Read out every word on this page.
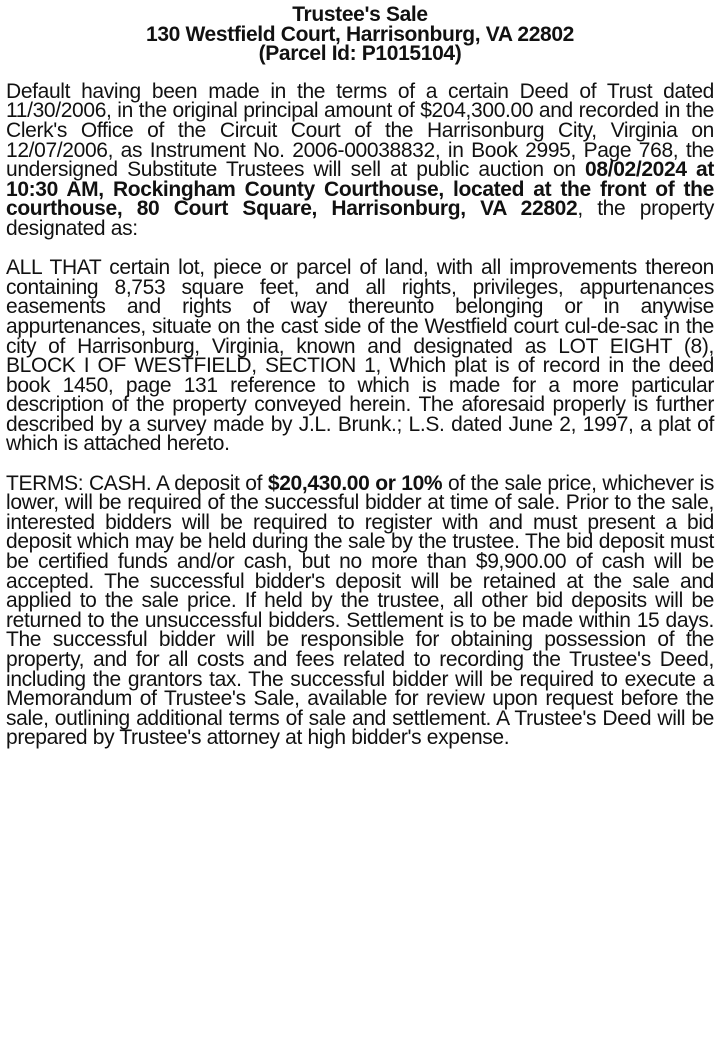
Trustee's Sale
130 Westfield Court, Harrisonburg, VA 22802
(Parcel Id: P1015104)

Default having been made in the terms of a certain Deed of Trust dated 11/30/2006, in the original principal amount of $204,300.00 and recorded in the Clerk's Office of the Circuit Court of the Harrisonburg City, Virginia on 12/07/2006, as Instrument No. 2006-00038832, in Book 2995, Page 768, the undersigned Substitute Trustees will sell at public auction on 08/02/2024 at 10:30 AM, Rockingham County Courthouse, located at the front of the courthouse, 80 Court Square, Harrisonburg, VA 22802, the property designated as:

ALL THAT certain lot, piece or parcel of land, with all improvements thereon containing 8,753 square feet, and all rights, privileges, appurtenances easements and rights of way thereunto belonging or in anywise appurtenances, situate on the cast side of the Westfield court cul-de-sac in the city of Harrisonburg, Virginia, known and designated as LOT EIGHT (8), BLOCK I OF WESTFIELD, SECTION 1, Which plat is of record in the deed book 1450, page 131 reference to which is made for a more particular description of the property conveyed herein. The aforesaid properly is further described by a survey made by J.L. Brunk.; L.S. dated June 2, 1997, a plat of which is attached hereto.

TERMS: CASH. A deposit of $20,430.00 or 10% of the sale price, whichever is lower, will be required of the successful bidder at time of sale. Prior to the sale, interested bidders will be required to register with and must present a bid deposit which may be held during the sale by the trustee. The bid deposit must be certified funds and/or cash, but no more than $9,900.00 of cash will be accepted. The successful bidder's deposit will be retained at the sale and applied to the sale price. If held by the trustee, all other bid deposits will be returned to the unsuccessful bidders. Settlement is to be made within 15 days. The successful bidder will be responsible for obtaining possession of the property, and for all costs and fees related to recording the Trustee's Deed, including the grantors tax. The successful bidder will be required to execute a Memorandum of Trustee's Sale, available for review upon request before the sale, outlining additional terms of sale and settlement. A Trustee's Deed will be prepared by Trustee's attorney at high bidder's expense.
